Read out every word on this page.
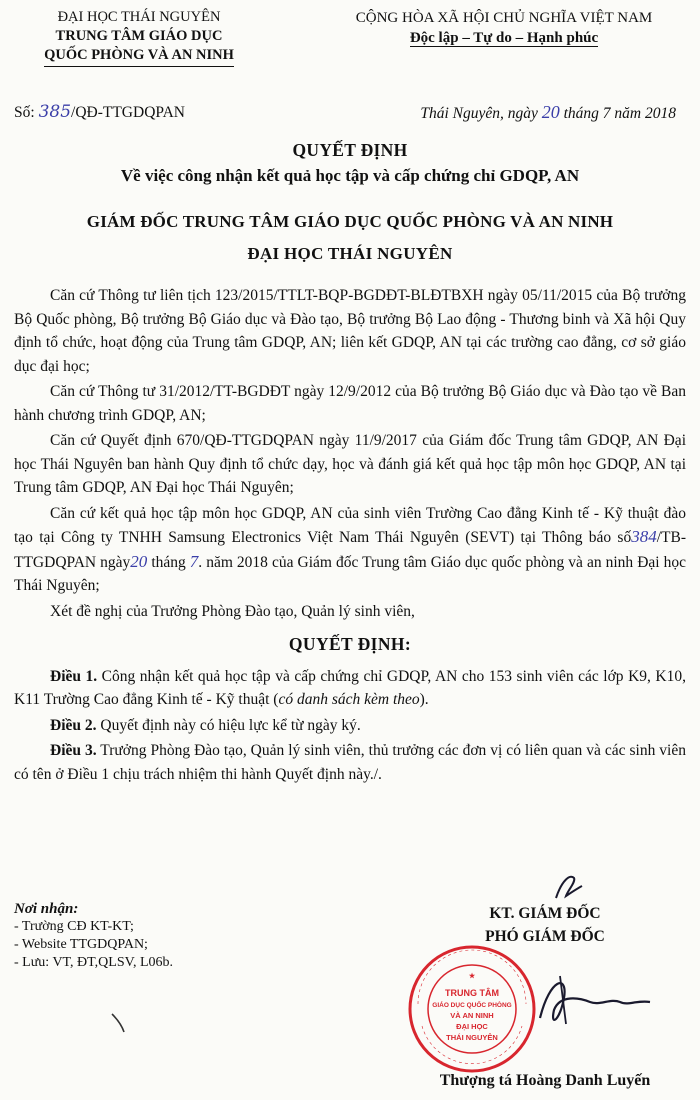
ĐẠI HỌC THÁI NGUYÊN
TRUNG TÂM GIÁO DỤC
QUỐC PHÒNG VÀ AN NINH
CỘNG HÒA XÃ HỘI CHỦ NGHĨA VIỆT NAM
Độc lập – Tự do – Hạnh phúc
Số: 385/QĐ-TTGDQPAN	Thái Nguyên, ngày 20 tháng 7 năm 2018
QUYẾT ĐỊNH
Về việc công nhận kết quả học tập và cấp chứng chỉ GDQP, AN
GIÁM ĐỐC TRUNG TÂM GIÁO DỤC QUỐC PHÒNG VÀ AN NINH
ĐẠI HỌC THÁI NGUYÊN

Căn cứ Thông tư liên tịch 123/2015/TTLT-BQP-BGDĐT-BLĐTBXH ngày 05/11/2015 của Bộ trưởng Bộ Quốc phòng, Bộ trưởng Bộ Giáo dục và Đào tạo, Bộ trưởng Bộ Lao động - Thương binh và Xã hội Quy định tổ chức, hoạt động của Trung tâm GDQP, AN; liên kết GDQP, AN tại các trường cao đẳng, cơ sở giáo dục đại học;

Căn cứ Thông tư 31/2012/TT-BGDĐT ngày 12/9/2012 của Bộ trưởng Bộ Giáo dục và Đào tạo về Ban hành chương trình GDQP, AN;

Căn cứ Quyết định 670/QĐ-TTGDQPAN ngày 11/9/2017 của Giám đốc Trung tâm GDQP, AN Đại học Thái Nguyên ban hành Quy định tổ chức dạy, học và đánh giá kết quả học tập môn học GDQP, AN tại Trung tâm GDQP, AN Đại học Thái Nguyên;

Căn cứ kết quả học tập môn học GDQP, AN của sinh viên Trường Cao đẳng Kinh tế - Kỹ thuật đào tạo tại Công ty TNHH Samsung Electronics Việt Nam Thái Nguyên (SEVT) tại Thông báo số384/TB-TTGDQPAN ngày20 tháng 7. năm 2018 của Giám đốc Trung tâm Giáo dục quốc phòng và an ninh Đại học Thái Nguyên;

Xét đề nghị của Trưởng Phòng Đào tạo, Quản lý sinh viên,

QUYẾT ĐỊNH:

Điều 1. Công nhận kết quả học tập và cấp chứng chỉ GDQP, AN cho 153 sinh viên các lớp K9, K10, K11 Trường Cao đẳng Kinh tế - Kỹ thuật (có danh sách kèm theo).

Điều 2. Quyết định này có hiệu lực kể từ ngày ký.

Điều 3. Trưởng Phòng Đào tạo, Quản lý sinh viên, thủ trưởng các đơn vị có liên quan và các sinh viên có tên ở Điều 1 chịu trách nhiệm thi hành Quyết định này./.

Nơi nhận:
- Trường CĐ KT-KT;
- Website TTGDQPAN;
- Lưu: VT, ĐT,QLSV, L06b.
KT. GIÁM ĐỐC
PHÓ GIÁM ĐỐC
★
TRUNG TÂM
GIÁO DỤC QUỐC PHÒNG
VÀ AN NINH
ĐẠI HỌC
THÁI NGUYÊN
Thượng tá Hoàng Danh Luyến
